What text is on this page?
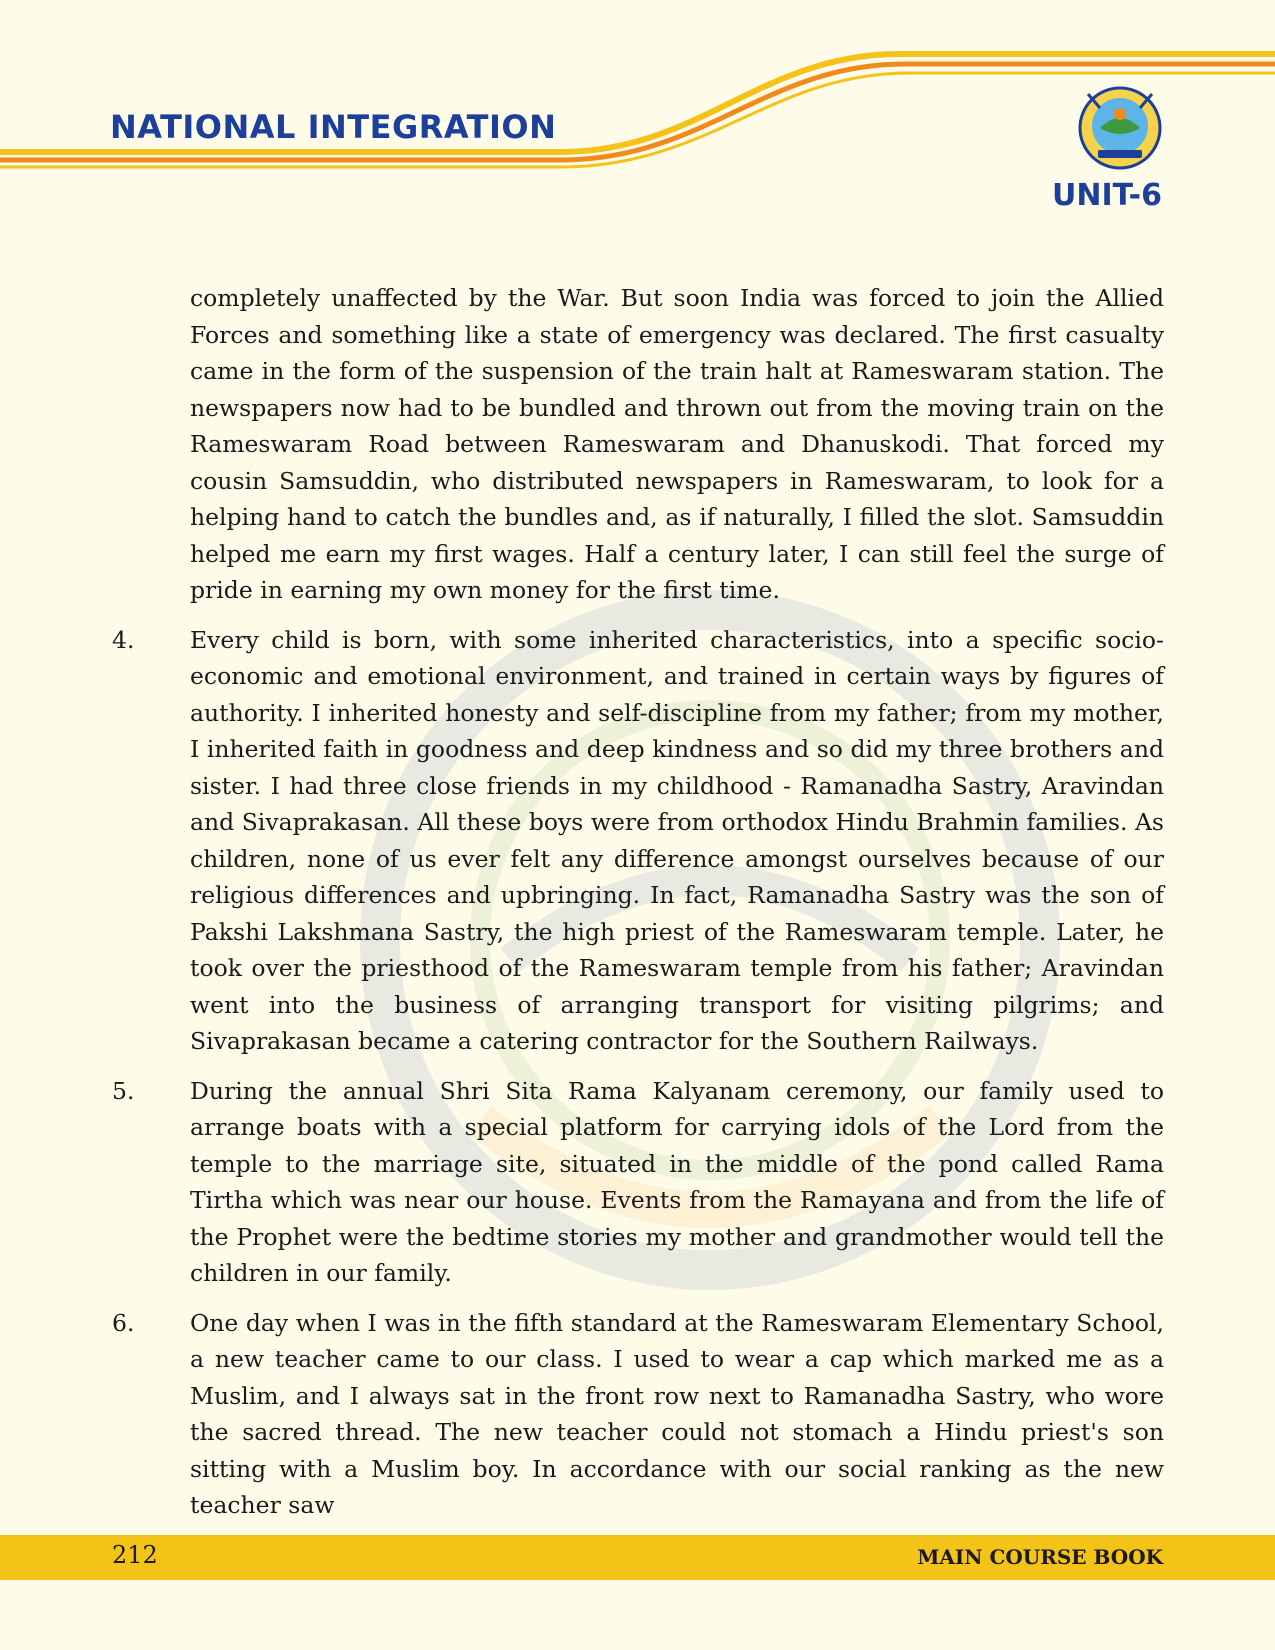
NATIONAL INTEGRATION
UNIT-6
completely unaffected by the War. But soon India was forced to join the Allied Forces and something like a state of emergency was declared. The first casualty came in the form of the suspension of the train halt at Rameswaram station. The newspapers now had to be bundled and thrown out from the moving train on the Rameswaram Road between Rameswaram and Dhanuskodi. That forced my cousin Samsuddin, who distributed newspapers in Rameswaram, to look for a helping hand to catch the bundles and, as if naturally, I filled the slot. Samsuddin helped me earn my first wages. Half a century later, I can still feel the surge of pride in earning my own money for the first time.
4.	Every child is born, with some inherited characteristics, into a specific socio-economic and emotional environment, and trained in certain ways by figures of authority. I inherited honesty and self-discipline from my father; from my mother, I inherited faith in goodness and deep kindness and so did my three brothers and sister. I had three close friends in my childhood - Ramanadha Sastry, Aravindan and Sivaprakasan. All these boys were from orthodox Hindu Brahmin families. As children, none of us ever felt any difference amongst ourselves because of our religious differences and upbringing. In fact, Ramanadha Sastry was the son of Pakshi Lakshmana Sastry, the high priest of the Rameswaram temple. Later, he took over the priesthood of the Rameswaram temple from his father; Aravindan went into the business of arranging transport for visiting pilgrims; and Sivaprakasan became a catering contractor for the Southern Railways.
5.	During the annual Shri Sita Rama Kalyanam ceremony, our family used to arrange boats with a special platform for carrying idols of the Lord from the temple to the marriage site, situated in the middle of the pond called Rama Tirtha which was near our house. Events from the Ramayana and from the life of the Prophet were the bedtime stories my mother and grandmother would tell the children in our family.
6.	One day when I was in the fifth standard at the Rameswaram Elementary School, a new teacher came to our class. I used to wear a cap which marked me as a Muslim, and I always sat in the front row next to Ramanadha Sastry, who wore the sacred thread. The new teacher could not stomach a Hindu priest's son sitting with a Muslim boy. In accordance with our social ranking as the new teacher saw
212	MAIN COURSE BOOK
